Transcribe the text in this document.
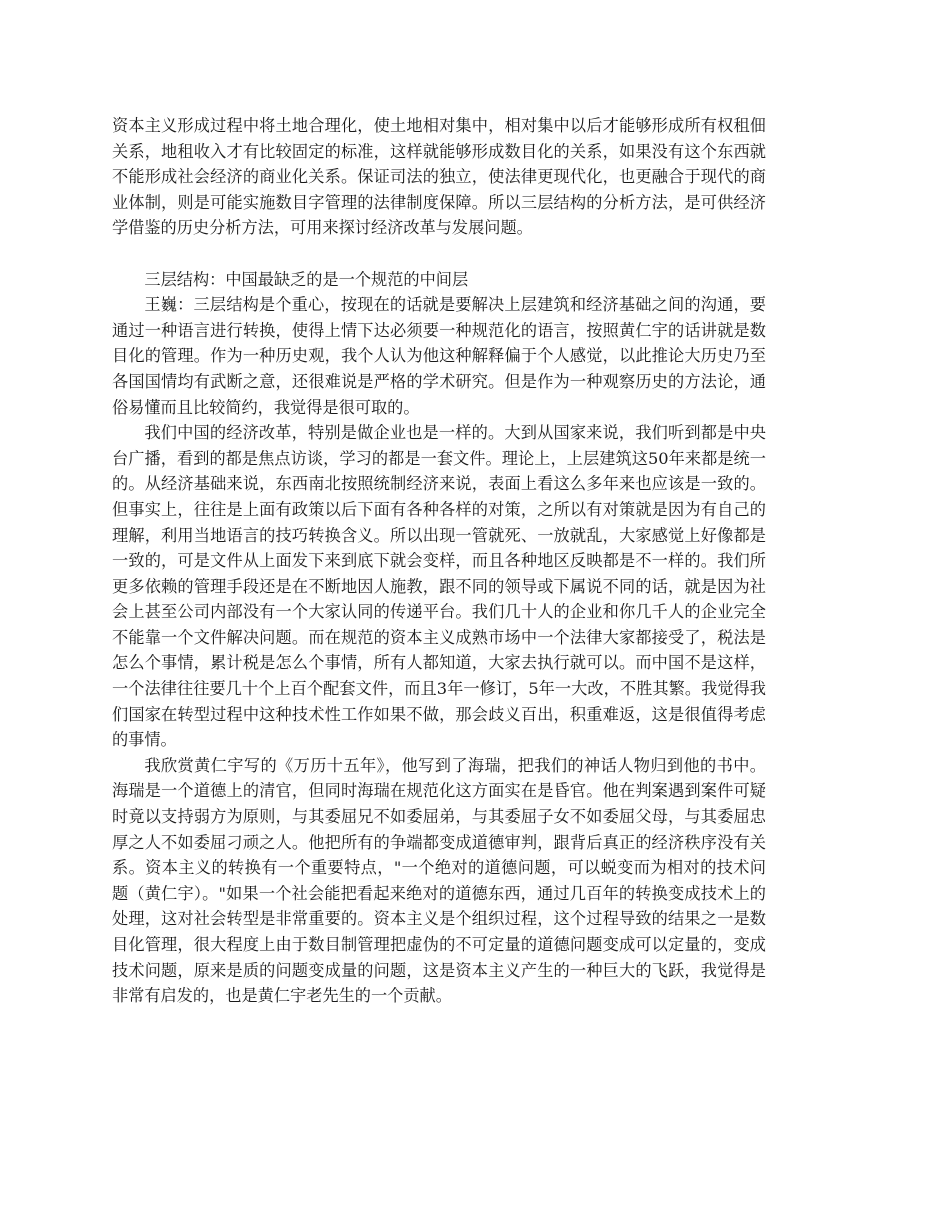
资本主义形成过程中将土地合理化，使土地相对集中，相对集中以后才能够形成所有权租佃关系，地租收入才有比较固定的标准，这样就能够形成数目化的关系，如果没有这个东西就不能形成社会经济的商业化关系。保证司法的独立，使法律更现代化，也更融合于现代的商业体制，则是可能实施数目字管理的法律制度保障。所以三层结构的分析方法，是可供经济学借鉴的历史分析方法，可用来探讨经济改革与发展问题。

三层结构：中国最缺乏的是一个规范的中间层

王巍：三层结构是个重心，按现在的话就是要解决上层建筑和经济基础之间的沟通，要通过一种语言进行转换，使得上情下达必须要一种规范化的语言，按照黄仁宇的话讲就是数目化的管理。作为一种历史观，我个人认为他这种解释偏于个人感觉，以此推论大历史乃至各国国情均有武断之意，还很难说是严格的学术研究。但是作为一种观察历史的方法论，通俗易懂而且比较简约，我觉得是很可取的。

我们中国的经济改革，特别是做企业也是一样的。大到从国家来说，我们听到都是中央台广播，看到的都是焦点访谈，学习的都是一套文件。理论上，上层建筑这50年来都是统一的。从经济基础来说，东西南北按照统制经济来说，表面上看这么多年来也应该是一致的。但事实上，往往是上面有政策以后下面有各种各样的对策，之所以有对策就是因为有自己的理解，利用当地语言的技巧转换含义。所以出现一管就死、一放就乱，大家感觉上好像都是一致的，可是文件从上面发下来到底下就会变样，而且各种地区反映都是不一样的。我们所更多依赖的管理手段还是在不断地因人施教，跟不同的领导或下属说不同的话，就是因为社会上甚至公司内部没有一个大家认同的传递平台。我们几十人的企业和你几千人的企业完全不能靠一个文件解决问题。而在规范的资本主义成熟市场中一个法律大家都接受了，税法是怎么个事情，累计税是怎么个事情，所有人都知道，大家去执行就可以。而中国不是这样，一个法律往往要几十个上百个配套文件，而且3年一修订，5年一大改，不胜其繁。我觉得我们国家在转型过程中这种技术性工作如果不做，那会歧义百出，积重难返，这是很值得考虑的事情。

我欣赏黄仁宇写的《万历十五年》，他写到了海瑞，把我们的神话人物归到他的书中。海瑞是一个道德上的清官，但同时海瑞在规范化这方面实在是昏官。他在判案遇到案件可疑时竟以支持弱方为原则，与其委屈兄不如委屈弟，与其委屈子女不如委屈父母，与其委屈忠厚之人不如委屈刁顽之人。他把所有的争端都变成道德审判，跟背后真正的经济秩序没有关系。资本主义的转换有一个重要特点，"一个绝对的道德问题，可以蜕变而为相对的技术问题（黄仁宇）。"如果一个社会能把看起来绝对的道德东西，通过几百年的转换变成技术上的处理，这对社会转型是非常重要的。资本主义是个组织过程，这个过程导致的结果之一是数目化管理，很大程度上由于数目制管理把虚伪的不可定量的道德问题变成可以定量的，变成技术问题，原来是质的问题变成量的问题，这是资本主义产生的一种巨大的飞跃，我觉得是非常有启发的，也是黄仁宇老先生的一个贡献。
